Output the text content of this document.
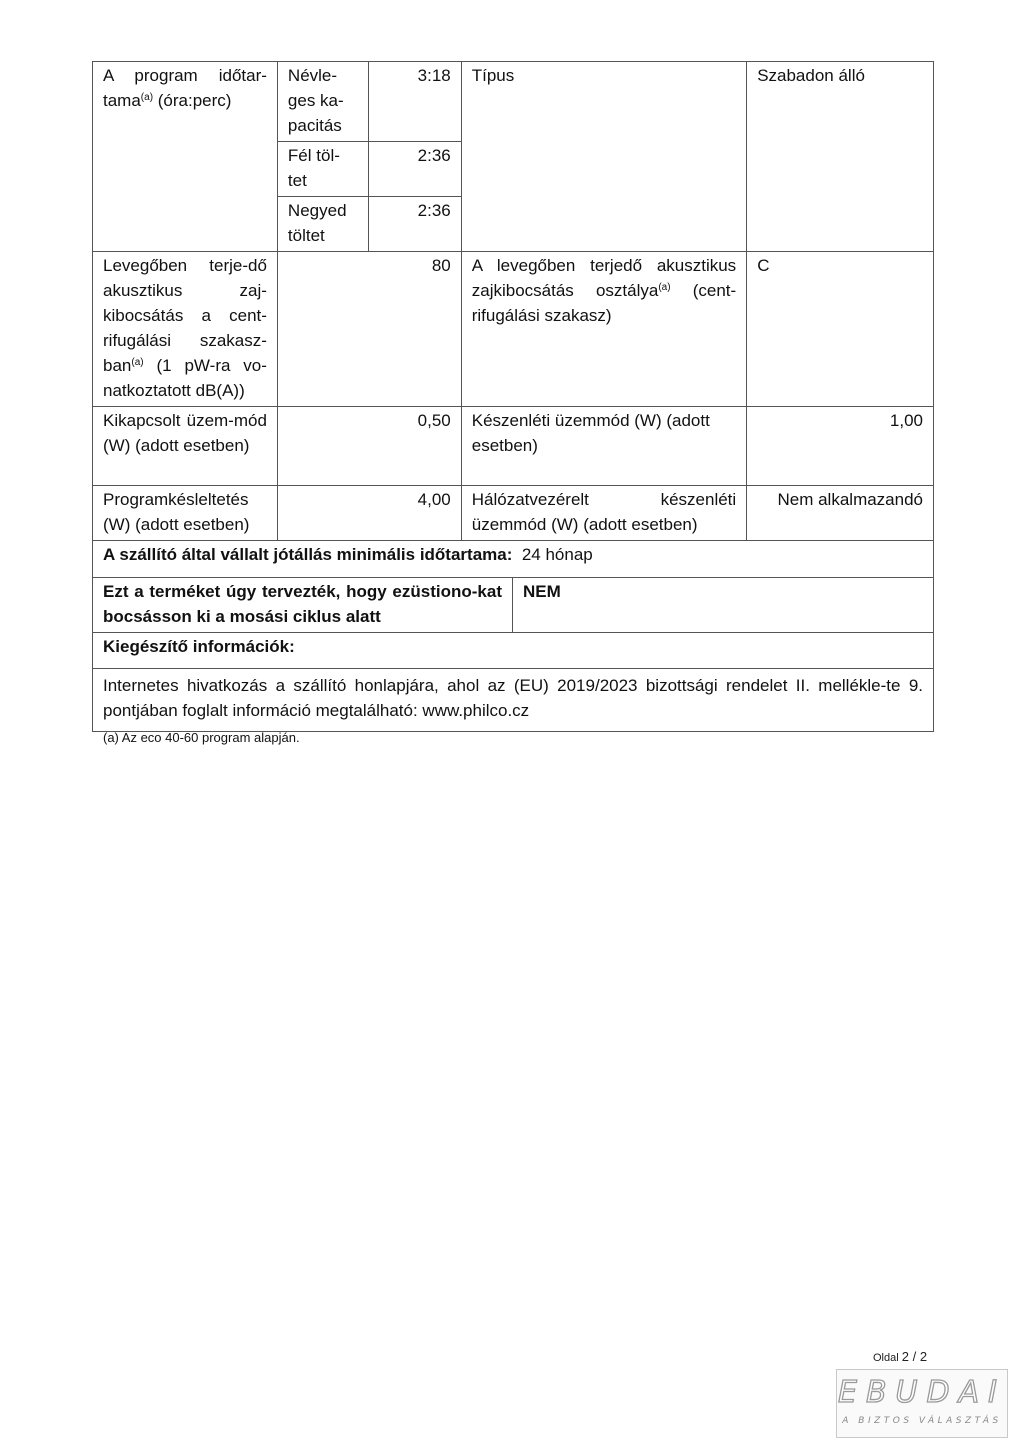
A program időtar-tama$^{(a)}$ (óra:perc)	Névle-ges ka-pacitás	3:18	Típus	Szabadon álló
Fél töl-tet	2:36
Negyed töltet	2:36
Levegőben terje-dő akusztikus zaj-kibocsátás a cent-rifugálási szakasz-ban$^{(a)}$ (1 pW-ra vo-natkoztatott dB(A))	80	A levegőben terjedő akusztikus zajkibocsátás osztálya$^{(a)}$ (cent-rifugálási szakasz)	C
Kikapcsolt üzem-mód (W) (adott esetben)	0,50	Készenléti üzemmód (W) (adott esetben)	1,00
Programkésleltetés (W) (adott esetben)	4,00	Hálózatvezérelt készenléti üzemmód (W) (adott esetben)	Nem alkalmazandó
A szállító által vállalt jótállás minimális időtartama: 24 hónap

Ezt a terméket úgy tervezték, hogy ezüstiono-kat bocsásson ki a mosási ciklus alatt	NEM

Kiegészítő információk:
Internetes hivatkozás a szállító honlapjára, ahol az (EU) 2019/2023 bizottsági rendelet II. mellékle-te 9. pontjában foglalt információ megtalálható: www.philco.cz
(a) Az eco 40-60 program alapján.
Oldal 2 / 2
EBUDAI
A BIZTOS VÁLASZTÁS
